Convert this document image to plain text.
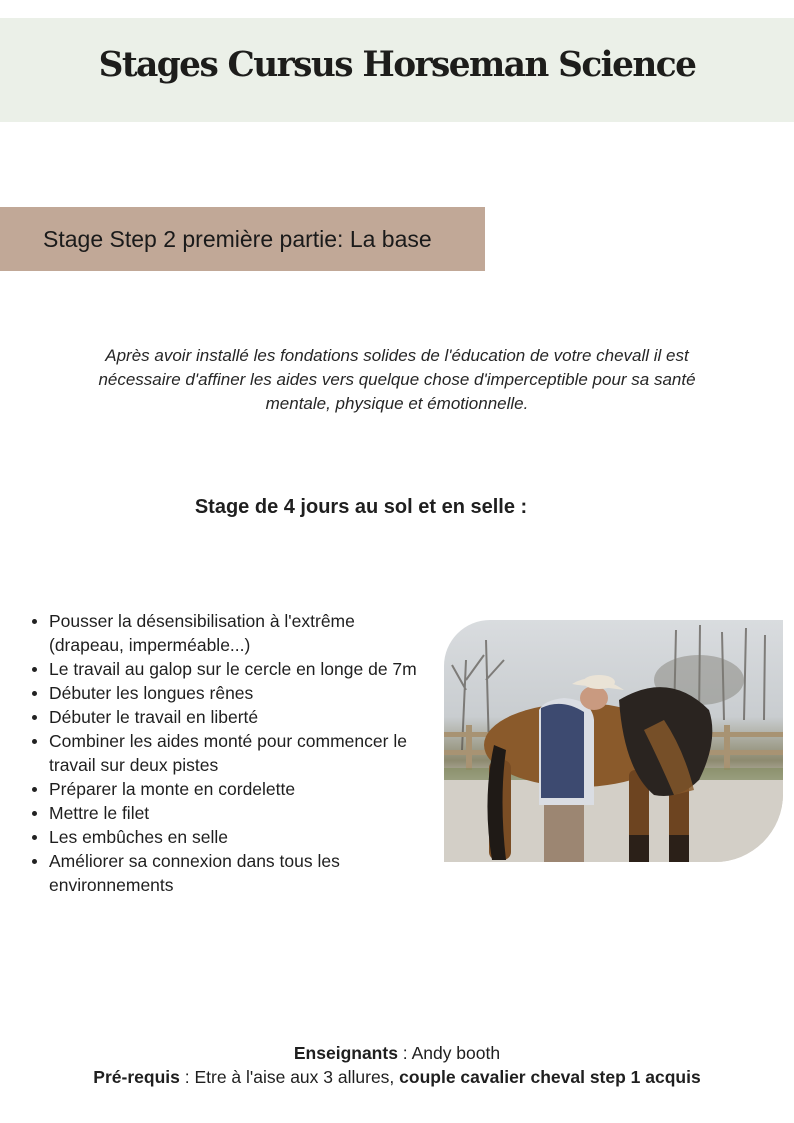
Stages Cursus Horseman Science
Stage Step 2 première partie: La base
Après avoir installé les fondations solides de l'éducation de votre chevall il est nécessaire d'affiner les aides vers quelque chose d'imperceptible pour sa santé mentale, physique et émotionnelle.
Stage de 4 jours au sol et en selle :
Pousser la désensibilisation à l'extrême (drapeau, imperméable...)
Le travail au galop sur le cercle en longe de 7m
Débuter les longues rênes
Débuter le travail en liberté
Combiner les aides monté pour commencer le travail sur deux pistes
Préparer la monte en cordelette
Mettre le filet
Les embûches en selle
Améliorer sa connexion dans tous les environnements
Enseignants : Andy booth
Pré-requis : Etre à l'aise aux 3 allures, couple cavalier cheval step 1 acquis
